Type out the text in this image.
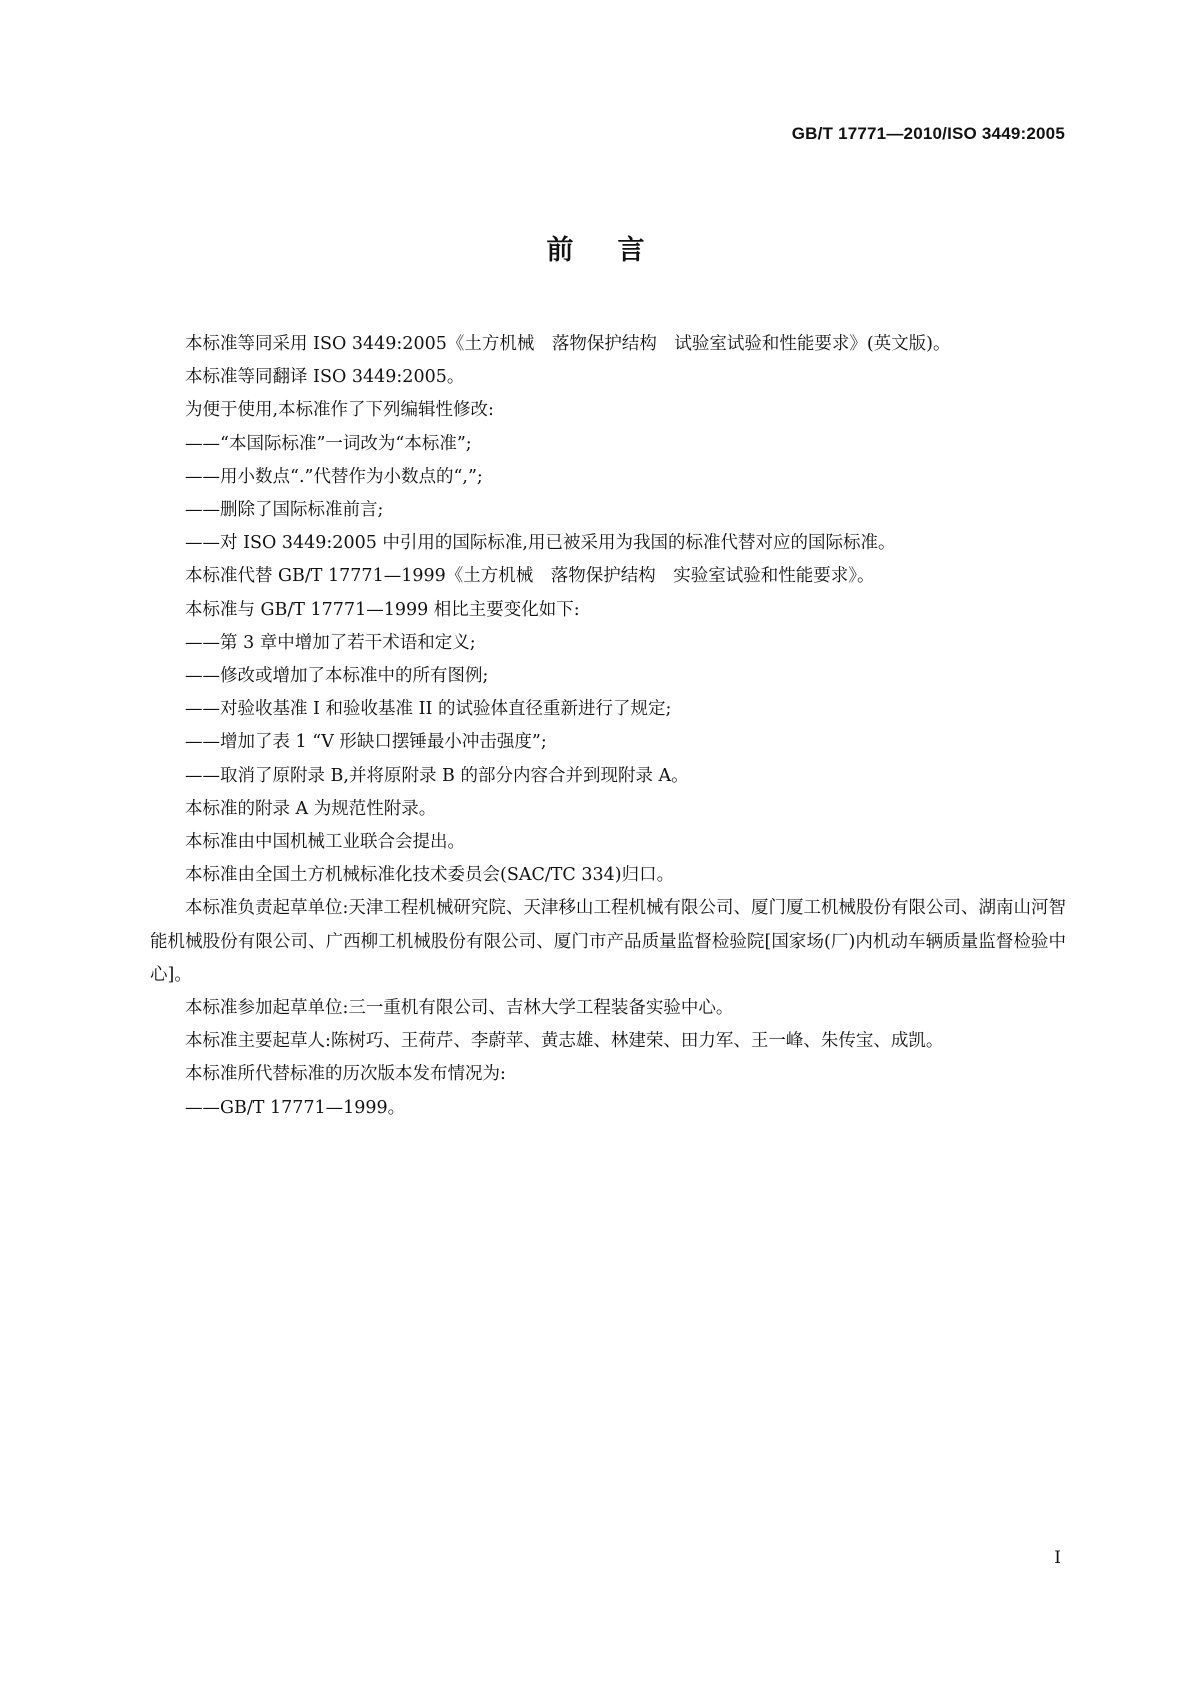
GB/T 17771—2010/ISO 3449:2005
前言

本标准等同采用 ISO 3449:2005《土方机械　落物保护结构　试验室试验和性能要求》(英文版)。

本标准等同翻译 ISO 3449:2005。

为便于使用,本标准作了下列编辑性修改:

——“本国际标准”一词改为“本标准”;

——用小数点“.”代替作为小数点的“,”;

——删除了国际标准前言;

——对 ISO 3449:2005 中引用的国际标准,用已被采用为我国的标准代替对应的国际标准。

本标准代替 GB/T 17771—1999《土方机械　落物保护结构　实验室试验和性能要求》。

本标准与 GB/T 17771—1999 相比主要变化如下:

——第 3 章中增加了若干术语和定义;

——修改或增加了本标准中的所有图例;

——对验收基准 I 和验收基准 II 的试验体直径重新进行了规定;

——增加了表 1 “V 形缺口摆锤最小冲击强度”;

——取消了原附录 B,并将原附录 B 的部分内容合并到现附录 A。

本标准的附录 A 为规范性附录。

本标准由中国机械工业联合会提出。

本标准由全国土方机械标准化技术委员会(SAC/TC 334)归口。

本标准负责起草单位:天津工程机械研究院、天津移山工程机械有限公司、厦门厦工机械股份有限公司、湖南山河智能机械股份有限公司、广西柳工机械股份有限公司、厦门市产品质量监督检验院[国家场(厂)内机动车辆质量监督检验中心]。

本标准参加起草单位:三一重机有限公司、吉林大学工程装备实验中心。

本标准主要起草人:陈树巧、王荷芹、李蔚苹、黄志雄、林建荣、田力军、王一峰、朱传宝、成凯。

本标准所代替标准的历次版本发布情况为:

——GB/T 17771—1999。

I
